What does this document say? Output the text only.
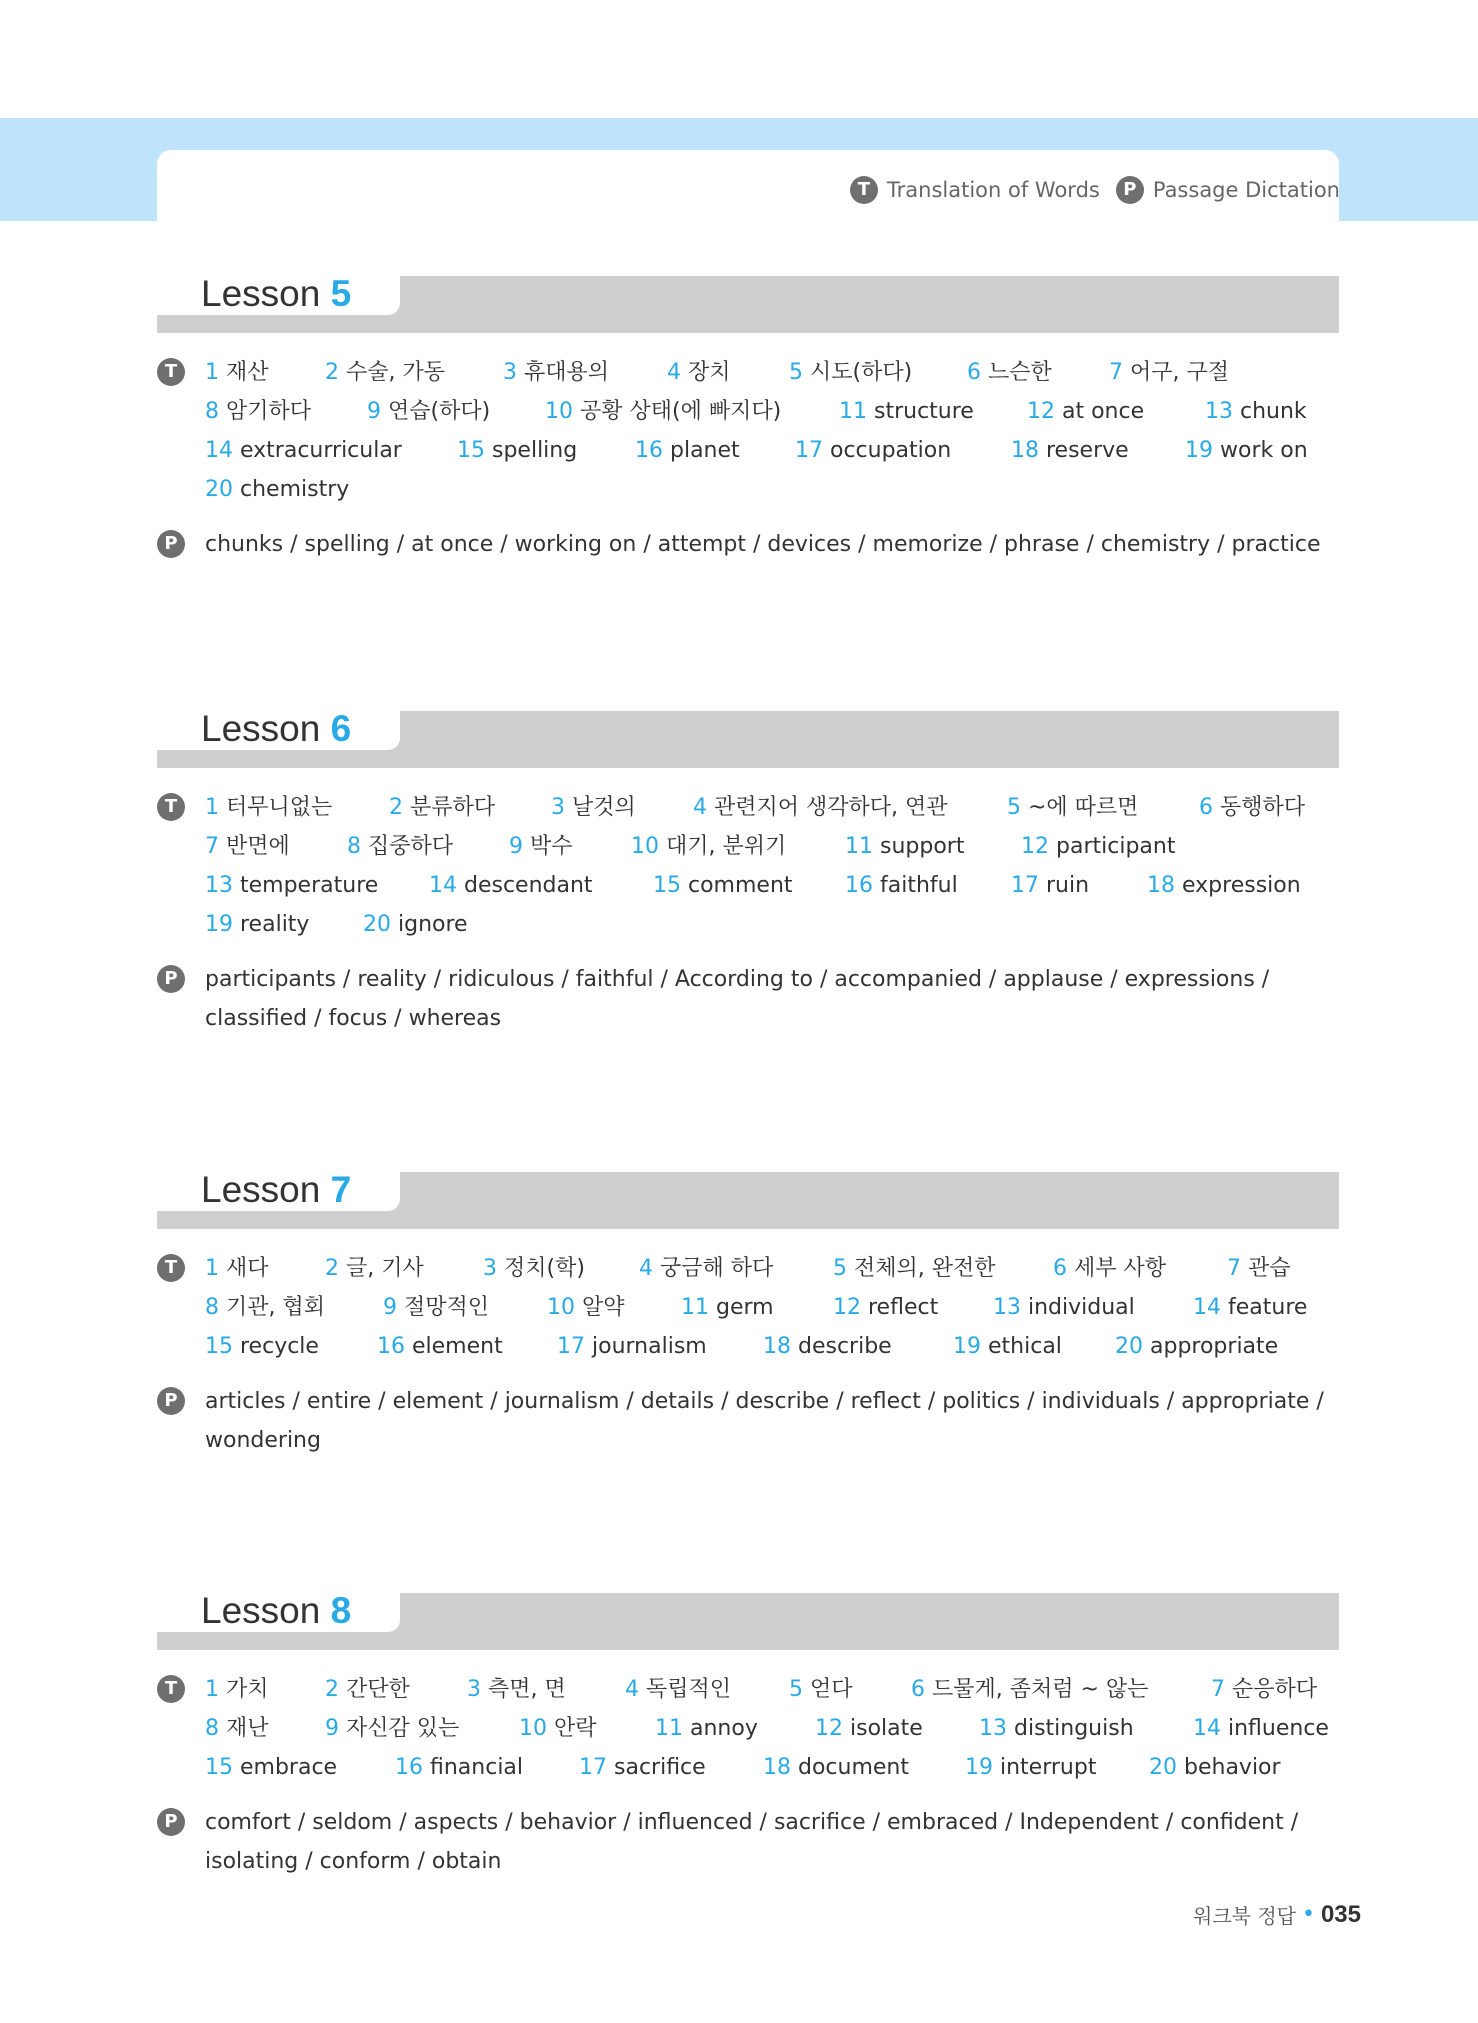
T Translation of Words	P Passage Dictation
Lesson 5
T	1 재산	2 수술, 가동	3 휴대용의	4 장치	5 시도(하다) 6 느슨한	7 어구, 구절
8 암기하다	9 연습(하다) 10 공황 상태(에 빠지다)	11 structure 12 at once	13 chunk
14 extracurricular	15 spelling	16 planet	17 occupation	18 reserve	19 work on
20 chemistry
P	chunks / spelling / at once / working on / attempt / devices / memorize / phrase / chemistry / practice
Lesson 6
T	1 터무니없는	2 분류하다	3 날것의	4 관련지어 생각하다, 연관	5 ~에 따르면	6 동행하다
7 반면에	8 집중하다	9 박수	10 대기, 분위기	11 support	12 participant
13 temperature 14 descendant	15 comment 16 faithful 17 ruin	18 expression
19 reality 20 ignore
P	participants / reality / ridiculous / faithful / According to / accompanied / applause / expressions / classified / focus / whereas
Lesson 7
T	1 새다	2 글, 기사	3 정치(학) 4 궁금해 하다	5 전체의, 완전한	6 세부 사항	7 관습
8 기관, 협회	9 절망적인	10 알약	11 germ	12 reflect 13 individual	14 feature
15 recycle	16 element 17 journalism	18 describe	19 ethical 20 appropriate
P	articles / entire / element / journalism / details / describe / reflect / politics / individuals / appropriate / wondering
Lesson 8
T	1 가치	2 간단한	3 측면, 면	4 독립적인	5 얻다	6 드물게, 좀처럼 ~ 않는	7 순응하다
8 재난	9 자신감 있는	10 안락	11 annoy	12 isolate	13 distinguish	14 influence
15 embrace	16 financial	17 sacrifice	18 document	19 interrupt 20 behavior
P	comfort / seldom / aspects / behavior / influenced / sacrifice / embraced / Independent / confident / isolating / conform / obtain
워크북 정답 • 035
